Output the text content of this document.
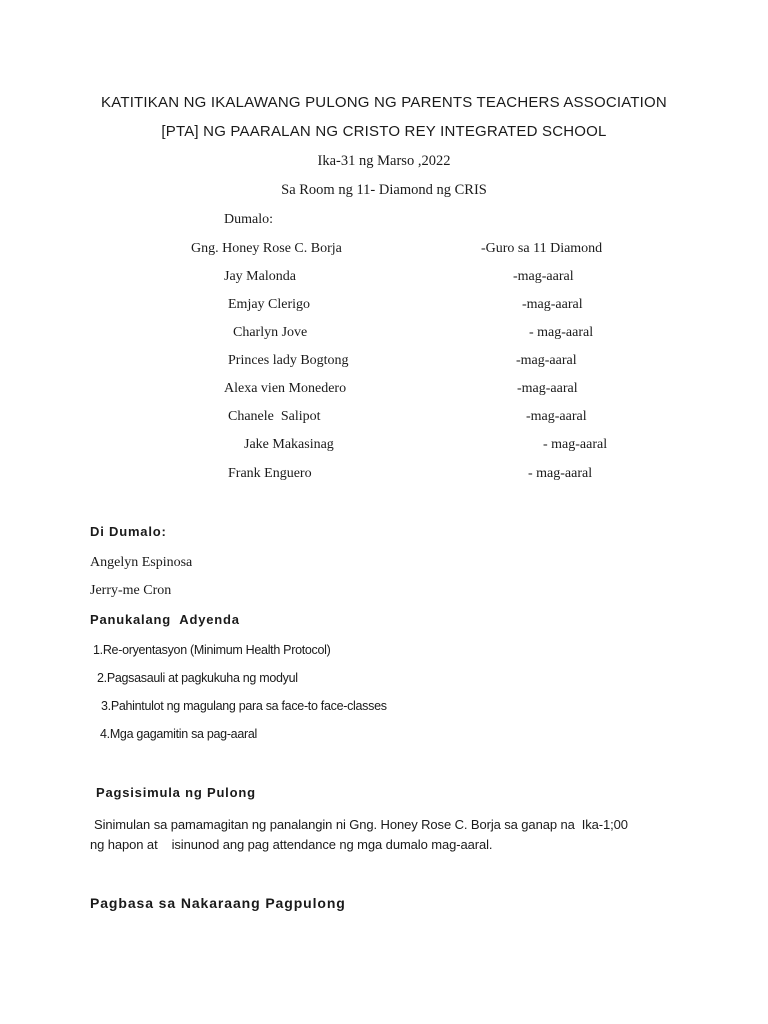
KATITIKAN NG IKALAWANG PULONG NG PARENTS TEACHERS ASSOCIATION
[PTA] NG PAARALAN NG CRISTO REY INTEGRATED SCHOOL
Ika-31 ng Marso ,2022
Sa Room ng 11- Diamond ng CRIS
Dumalo:
Gng. Honey Rose C. Borja	-Guro sa 11 Diamond
Jay Malonda	-mag-aaral
Emjay Clerigo	-mag-aaral
Charlyn Jove	- mag-aaral
Princes lady Bogtong	-mag-aaral
Alexa vien Monedero	-mag-aaral
Chanele  Salipot	-mag-aaral
Jake Makasinag	- mag-aaral
Frank Enguero	- mag-aaral
Di Dumalo:
Angelyn Espinosa
Jerry-me Cron
Panukalang  Adyenda
1.Re-oryentasyon (Minimum Health Protocol)
2.Pagsasauli at pagkukuha ng modyul
3.Pahintulot ng magulang para sa face-to face-classes
4.Mga gagamitin sa pag-aaral
Pagsisimula ng Pulong
Sinimulan sa pamamagitan ng panalangin ni Gng. Honey Rose C. Borja sa ganap na  Ika-1;00
ng hapon at    isinunod ang pag attendance ng mga dumalo mag-aaral.
Pagbasa sa Nakaraang Pagpulong
